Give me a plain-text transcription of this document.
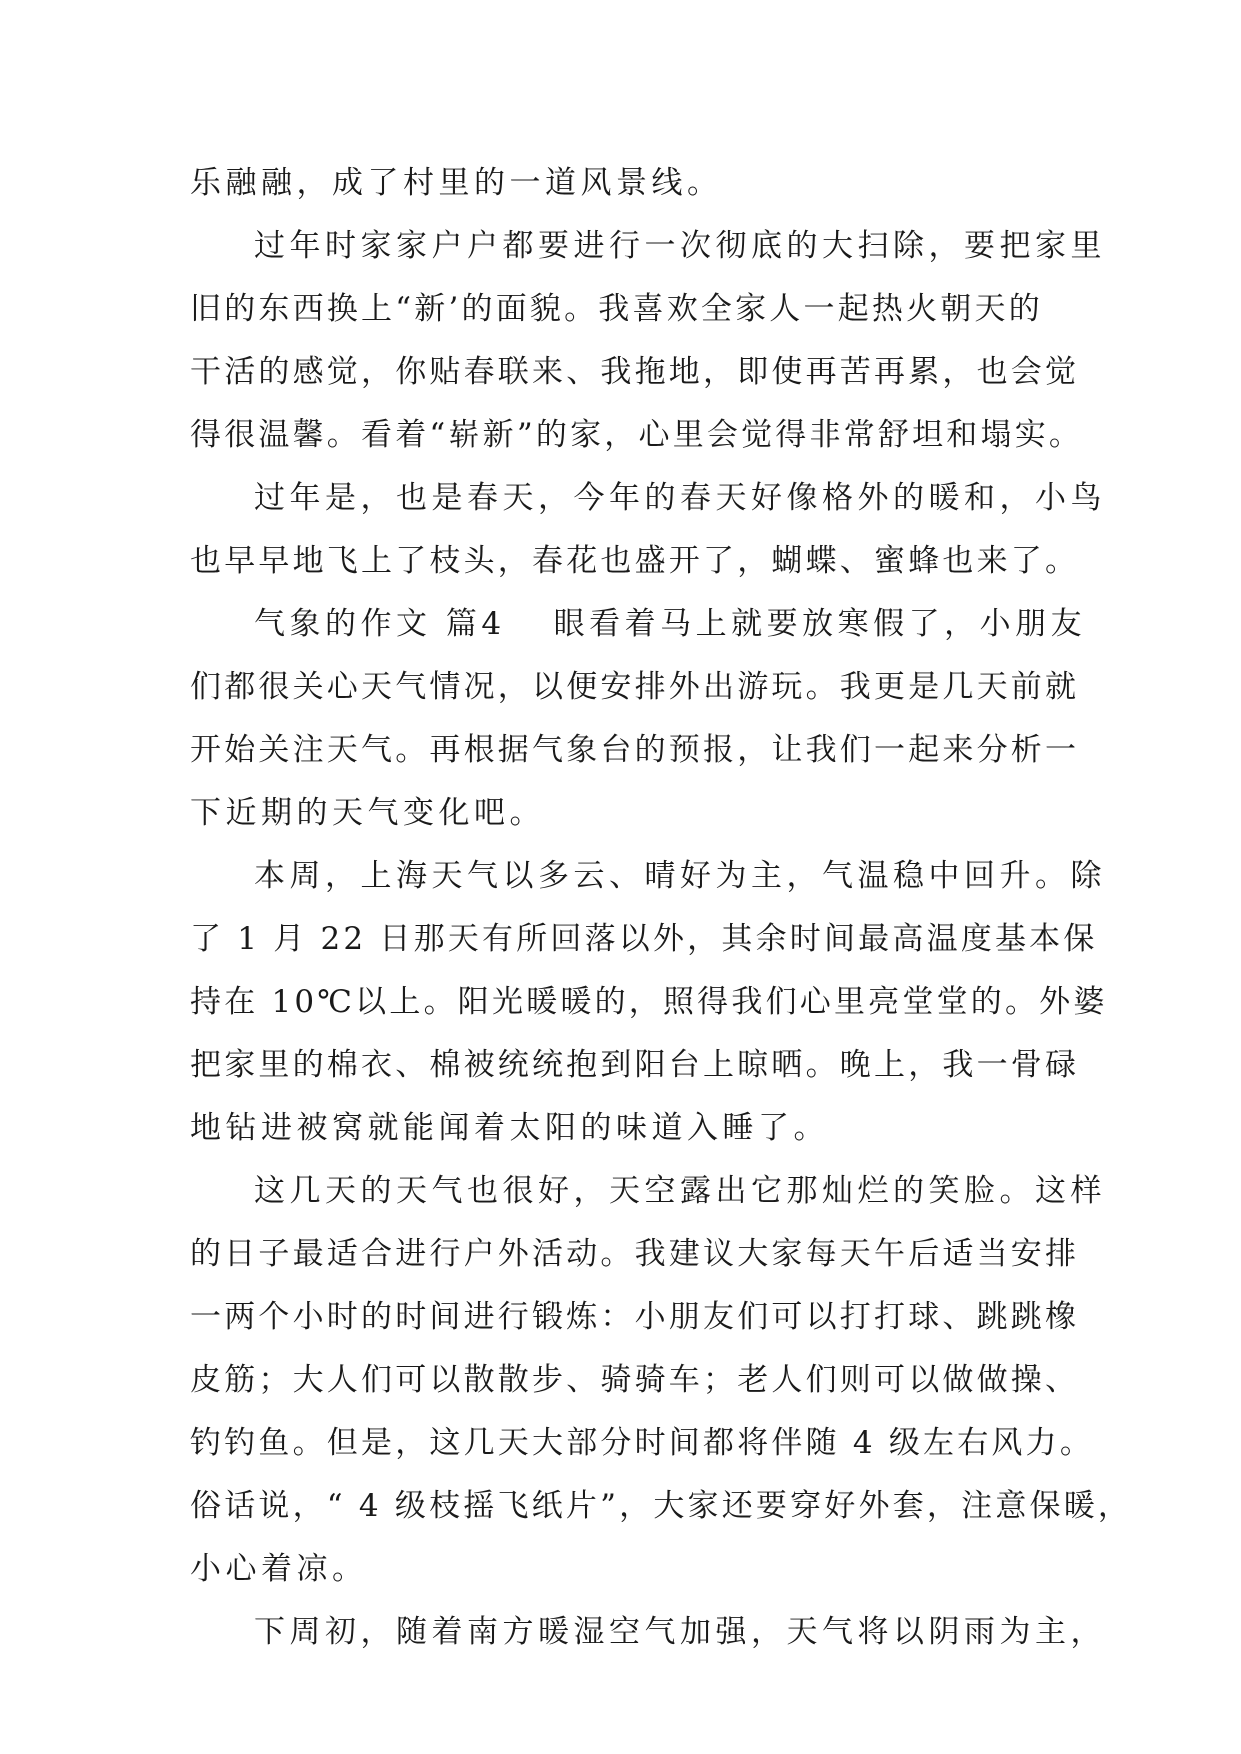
乐融融，成了村里的一道风景线。
过年时家家户户都要进行一次彻底的大扫除，要把家里
旧的东西换上“新’的面貌。我喜欢全家人一起热火朝天的
干活的感觉，你贴春联来、我拖地，即使再苦再累，也会觉
得很温馨。看着“崭新”的家，心里会觉得非常舒坦和塌实。
过年是，也是春天，今年的春天好像格外的暖和，小鸟
也早早地飞上了枝头，春花也盛开了，蝴蝶、蜜蜂也来了。
气象的作文 篇4 眼看着马上就要放寒假了，小朋友
们都很关心天气情况，以便安排外出游玩。我更是几天前就
开始关注天气。再根据气象台的预报，让我们一起来分析一
下近期的天气变化吧。
本周，上海天气以多云、晴好为主，气温稳中回升。除
了 1 月 22 日那天有所回落以外，其余时间最高温度基本保
持在 10℃以上。阳光暖暖的，照得我们心里亮堂堂的。外婆
把家里的棉衣、棉被统统抱到阳台上晾晒。晚上，我一骨碌
地钻进被窝就能闻着太阳的味道入睡了。
这几天的天气也很好，天空露出它那灿烂的笑脸。这样
的日子最适合进行户外活动。我建议大家每天午后适当安排
一两个小时的时间进行锻炼：小朋友们可以打打球、跳跳橡
皮筋；大人们可以散散步、骑骑车；老人们则可以做做操、
钓钓鱼。但是，这几天大部分时间都将伴随 4 级左右风力。
俗话说，“ 4 级枝摇飞纸片”，大家还要穿好外套，注意保暖，
小心着凉。
下周初，随着南方暖湿空气加强，天气将以阴雨为主，
